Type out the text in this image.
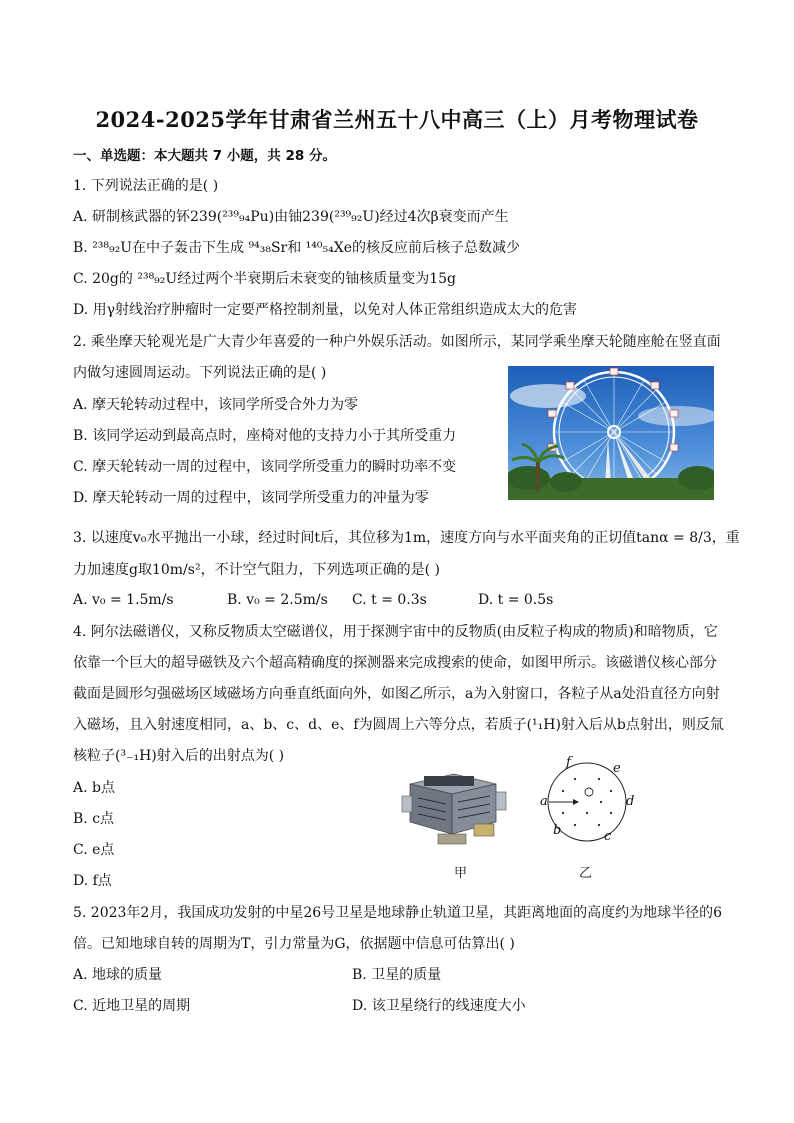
2024-2025学年甘肃省兰州五十八中高三（上）月考物理试卷
一、单选题：本大题共 7 小题，共 28 分。
1. 下列说法正确的是( )
A. 研制核武器的钚239(²³⁹₉₄Pu)由铀239(²³⁹₉₂U)经过4次β衰变而产生
B. ²³⁸₉₂U在中子轰击下生成 ⁹⁴₃₈Sr和 ¹⁴⁰₅₄Xe的核反应前后核子总数减少
C. 20g的 ²³⁸₉₂U经过两个半衰期后未衰变的铀核质量变为15g
D. 用γ射线治疗肿瘤时一定要严格控制剂量，以免对人体正常组织造成太大的危害
2. 乘坐摩天轮观光是广大青少年喜爱的一种户外娱乐活动。如图所示，某同学乘坐摩天轮随座舱在竖直面
内做匀速圆周运动。下列说法正确的是( )
A. 摩天轮转动过程中，该同学所受合外力为零
B. 该同学运动到最高点时，座椅对他的支持力小于其所受重力
C. 摩天轮转动一周的过程中，该同学所受重力的瞬时功率不变
D. 摩天轮转动一周的过程中，该同学所受重力的冲量为零
3. 以速度v₀水平抛出一小球，经过时间t后，其位移为1m，速度方向与水平面夹角的正切值tanα = 8/3，重
力加速度g取10m/s²，不计空气阻力，下列选项正确的是( )
A. v₀ = 1.5m/s	B. v₀ = 2.5m/s C. t = 0.3s	D. t = 0.5s
4. 阿尔法磁谱仪，又称反物质太空磁谱仪，用于探测宇宙中的反物质(由反粒子构成的物质)和暗物质，它
依靠一个巨大的超导磁铁及六个超高精确度的探测器来完成搜索的使命，如图甲所示。该磁谱仪核心部分
截面是圆形匀强磁场区域磁场方向垂直纸面向外，如图乙所示，a为入射窗口，各粒子从a处沿直径方向射
入磁场，且入射速度相同，a、b、c、d、e、f为圆周上六等分点，若质子(¹₁H)射入后从b点射出，则反氚
核粒子(³₋₁H)射入后的出射点为( )
A. b点
B. c点
C. e点
D. f点	甲
f	e
a	d
b	c
乙
5. 2023年2月，我国成功发射的中星26号卫星是地球静止轨道卫星，其距离地面的高度约为地球半径的6
倍。已知地球自转的周期为T，引力常量为G，依据题中信息可估算出( )
A. 地球的质量	B. 卫星的质量
C. 近地卫星的周期	D. 该卫星绕行的线速度大小
